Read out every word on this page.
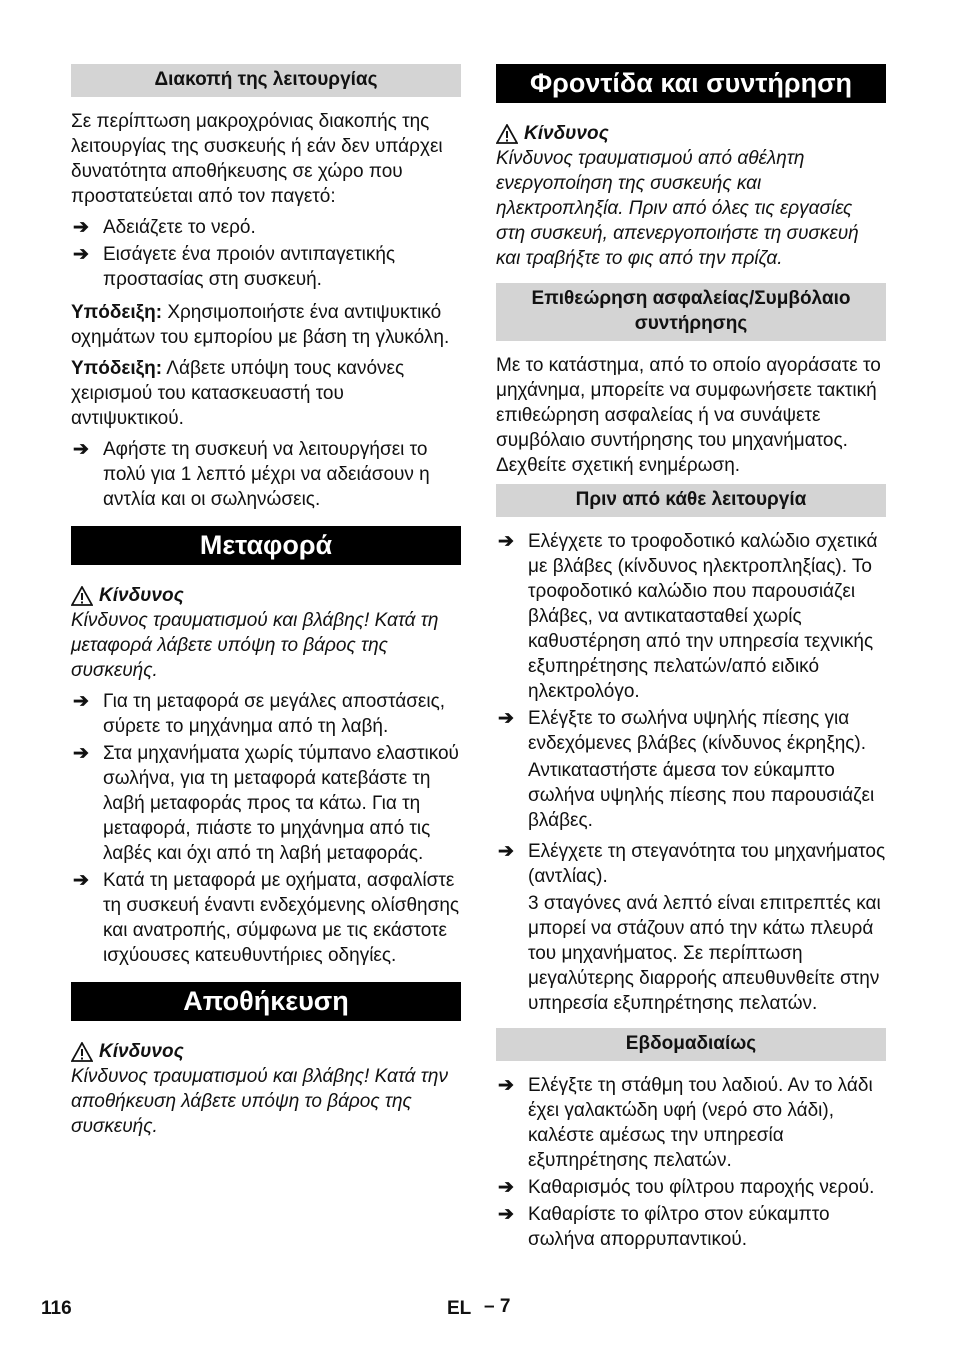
Διακοπή της λειτουργίας

Σε περίπτωση μακροχρόνιας διακοπής της λειτουργίας της συσκευής ή εάν δεν υπάρχει δυνατότητα αποθήκευσης σε χώρο που προστατεύεται από τον παγετό:

➔ Αδειάζετε το νερό.
➔ Εισάγετε ένα προιόν αντιπαγετικής προστασίας στη συσκευή.

Υπόδειξη: Χρησιμοποιήστε ένα αντιψυκτικό οχημάτων του εμπορίου με βάση τη γλυκόλη.

Υπόδειξη: Λάβετε υπόψη τους κανόνες χειρισμού του κατασκευαστή του αντιψυκτικού.

➔ Αφήστε τη συσκευή να λειτουργήσει το πολύ για 1 λεπτό μέχρι να αδειάσουν η αντλία και οι σωληνώσεις.
Μεταφορά

Κίνδυνος

Κίνδυνος τραυματισμού και βλάβης! Κατά τη μεταφορά λάβετε υπόψη το βάρος της συσκευής.

➔ Για τη μεταφορά σε μεγάλες αποστάσεις, σύρετε το μηχάνημα από τη λαβή.
➔ Στα μηχανήματα χωρίς τύμπανο ελαστικού σωλήνα, για τη μεταφορά κατεβάστε τη λαβή μεταφοράς προς τα κάτω. Για τη μεταφορά, πιάστε το μηχάνημα από τις λαβές και όχι από τη λαβή μεταφοράς.
➔ Κατά τη μεταφορά με οχήματα, ασφαλίστε τη συσκευή έναντι ενδεχόμενης ολίσθησης και ανατροπής, σύμφωνα με τις εκάστοτε ισχύουσες κατευθυντήριες οδηγίες.
Αποθήκευση

Κίνδυνος

Κίνδυνος τραυματισμού και βλάβης! Κατά την αποθήκευση λάβετε υπόψη το βάρος της συσκευής.

Φροντίδα και συντήρηση

Κίνδυνος

Κίνδυνος τραυματισμού από αθέλητη ενεργοποίηση της συσκευής και ηλεκτροπληξία. Πριν από όλες τις εργασίες στη συσκευή, απενεργοποιήστε τη συσκευή και τραβήξτε το φις από την πρίζα.

Επιθεώρηση ασφαλείας/Συμβόλαιο συντήρησης

Με το κατάστημα, από το οποίο αγοράσατε το μηχάνημα, μπορείτε να συμφωνήσετε τακτική επιθεώρηση ασφαλείας ή να συνάψετε συμβόλαιο συντήρησης του μηχανήματος. Δεχθείτε σχετική ενημέρωση.

Πριν από κάθε λειτουργία
➔ Ελέγχετε το τροφοδοτικό καλώδιο σχετικά με βλάβες (κίνδυνος ηλεκτροπληξίας). Το τροφοδοτικό καλώδιο που παρουσιάζει βλάβες, να αντικατασταθεί χωρίς καθυστέρηση από την υπηρεσία τεχνικής εξυπηρέτησης πελατών/από ειδικό ηλεκτρολόγο.
➔ Ελέγξτε το σωλήνα υψηλής πίεσης για ενδεχόμενες βλάβες (κίνδυνος έκρηξης).

Αντικαταστήστε άμεσα τον εύκαμπτο σωλήνα υψηλής πίεσης που παρουσιάζει βλάβες.

➔ Ελέγχετε τη στεγανότητα του μηχανήματος (αντλίας).

3 σταγόνες ανά λεπτό είναι επιτρεπτές και μπορεί να στάζουν από την κάτω πλευρά του μηχανήματος. Σε περίπτωση μεγαλύτερης διαρροής απευθυνθείτε στην υπηρεσία εξυπηρέτησης πελατών.

Εβδομαδιαίως
➔ Ελέγξτε τη στάθμη του λαδιού. Αν το λάδι έχει γαλακτώδη υφή (νερό στο λάδι), καλέστε αμέσως την υπηρεσία εξυπηρέτησης πελατών.
➔ Καθαρισμός του φίλτρου παροχής νερού.
➔ Καθαρίστε το φίλτρο στον εύκαμπτο σωλήνα απορρυπαντικού.
116	EL – 7
